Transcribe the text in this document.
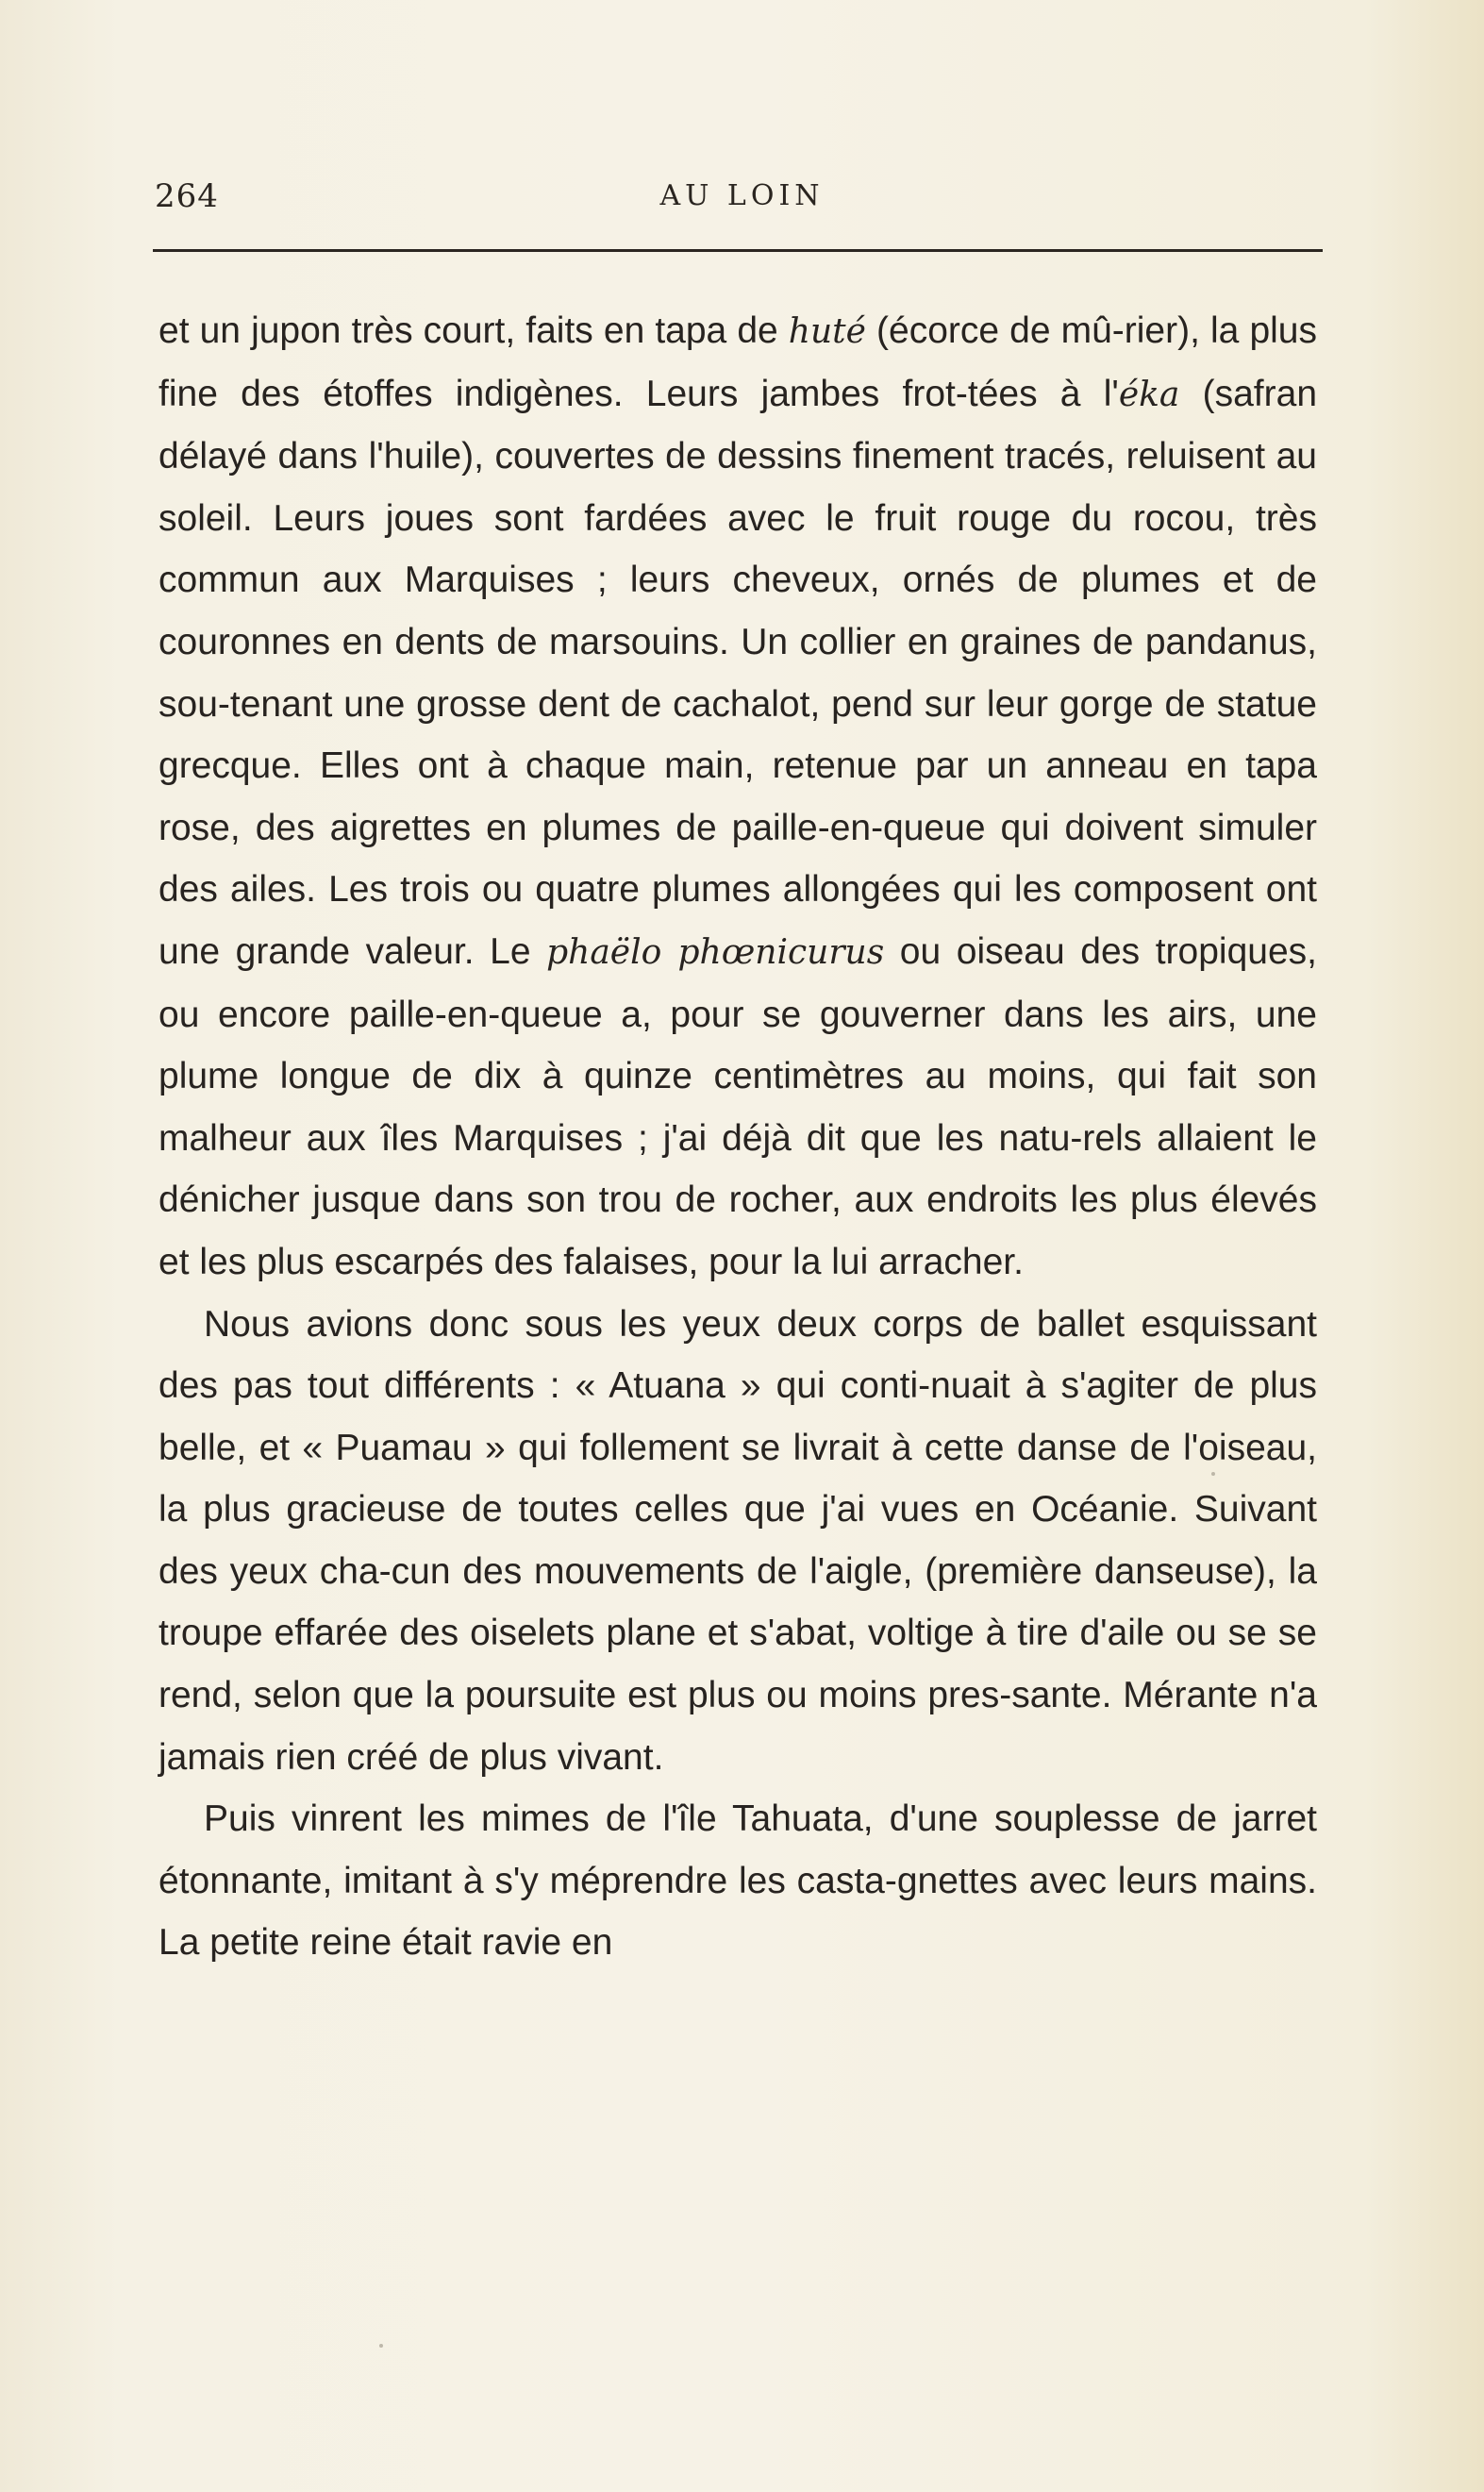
264	AU LOIN

et un jupon très court, faits en tapa de huté (écorce de mû-rier), la plus fine des étoffes indigènes. Leurs jambes frot-tées à l'éka (safran délayé dans l'huile), couvertes de dessins finement tracés, reluisent au soleil. Leurs joues sont fardées avec le fruit rouge du rocou, très commun aux Marquises ; leurs cheveux, ornés de plumes et de couronnes en dents de marsouins. Un collier en graines de pandanus, sou-tenant une grosse dent de cachalot, pend sur leur gorge de statue grecque. Elles ont à chaque main, retenue par un anneau en tapa rose, des aigrettes en plumes de paille-en-queue qui doivent simuler des ailes. Les trois ou quatre plumes allongées qui les composent ont une grande valeur. Le phaëlo phœnicurus ou oiseau des tropiques, ou encore paille-en-queue a, pour se gouverner dans les airs, une plume longue de dix à quinze centimètres au moins, qui fait son malheur aux îles Marquises ; j'ai déjà dit que les natu-rels allaient le dénicher jusque dans son trou de rocher, aux endroits les plus élevés et les plus escarpés des falaises, pour la lui arracher.

Nous avions donc sous les yeux deux corps de ballet esquissant des pas tout différents : « Atuana » qui conti-nuait à s'agiter de plus belle, et « Puamau » qui follement se livrait à cette danse de l'oiseau, la plus gracieuse de toutes celles que j'ai vues en Océanie. Suivant des yeux cha-cun des mouvements de l'aigle, (première danseuse), la troupe effarée des oiselets plane et s'abat, voltige à tire d'aile ou se se rend, selon que la poursuite est plus ou moins pres-sante. Mérante n'a jamais rien créé de plus vivant.

Puis vinrent les mimes de l'île Tahuata, d'une souplesse de jarret étonnante, imitant à s'y méprendre les casta-gnettes avec leurs mains. La petite reine était ravie en
